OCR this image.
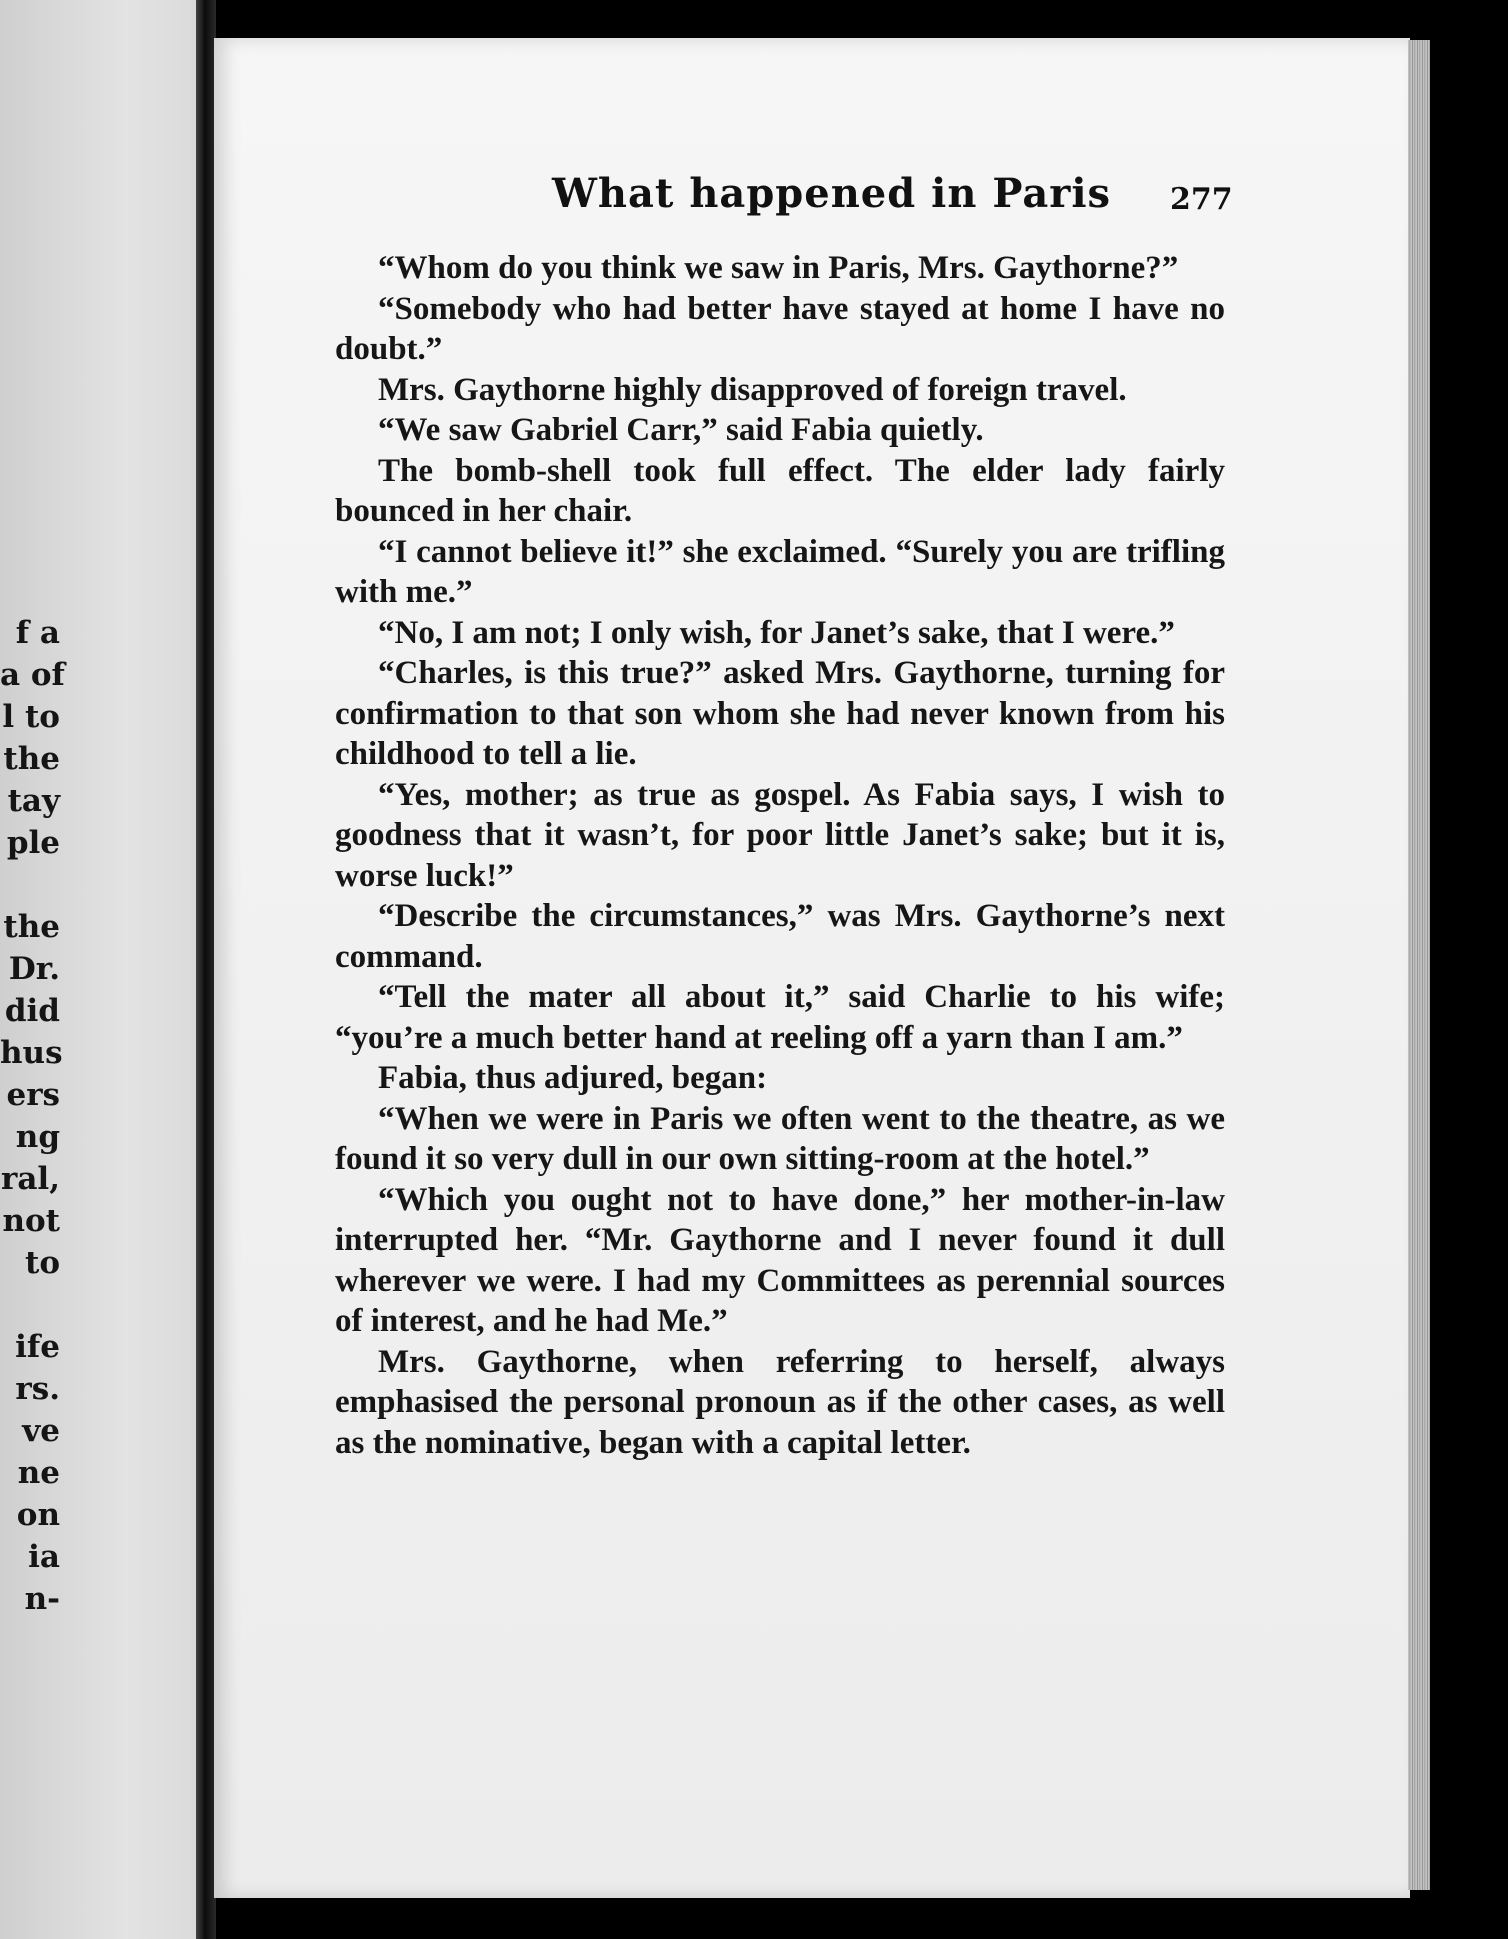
f a
a of
l to
the
tay
ple
the
Dr.
did
hus
ers
ng
ral,
not
to
ife
rs.
ve
ne
on
ia
n-
What happened in Paris 277

“Whom do you think we saw in Paris, Mrs. Gaythorne?”

“Somebody who had better have stayed at home I have no doubt.”

Mrs. Gaythorne highly disapproved of foreign travel.

“We saw Gabriel Carr,” said Fabia quietly.

The bomb-shell took full effect. The elder lady fairly bounced in her chair.

“I cannot believe it!” she exclaimed. “Surely you are trifling with me.”

“No, I am not; I only wish, for Janet’s sake, that I were.”

“Charles, is this true?” asked Mrs. Gaythorne, turning for confirmation to that son whom she had never known from his childhood to tell a lie.

“Yes, mother; as true as gospel. As Fabia says, I wish to goodness that it wasn’t, for poor little Janet’s sake; but it is, worse luck!”

“Describe the circumstances,” was Mrs. Gaythorne’s next command.

“Tell the mater all about it,” said Charlie to his wife; “you’re a much better hand at reeling off a yarn than I am.”

Fabia, thus adjured, began:

“When we were in Paris we often went to the theatre, as we found it so very dull in our own sitting-room at the hotel.”

“Which you ought not to have done,” her mother-in-law interrupted her. “Mr. Gaythorne and I never found it dull wherever we were. I had my Committees as perennial sources of interest, and he had Me.”

Mrs. Gaythorne, when referring to herself, always emphasised the personal pronoun as if the other cases, as well as the nominative, began with a capital letter.
